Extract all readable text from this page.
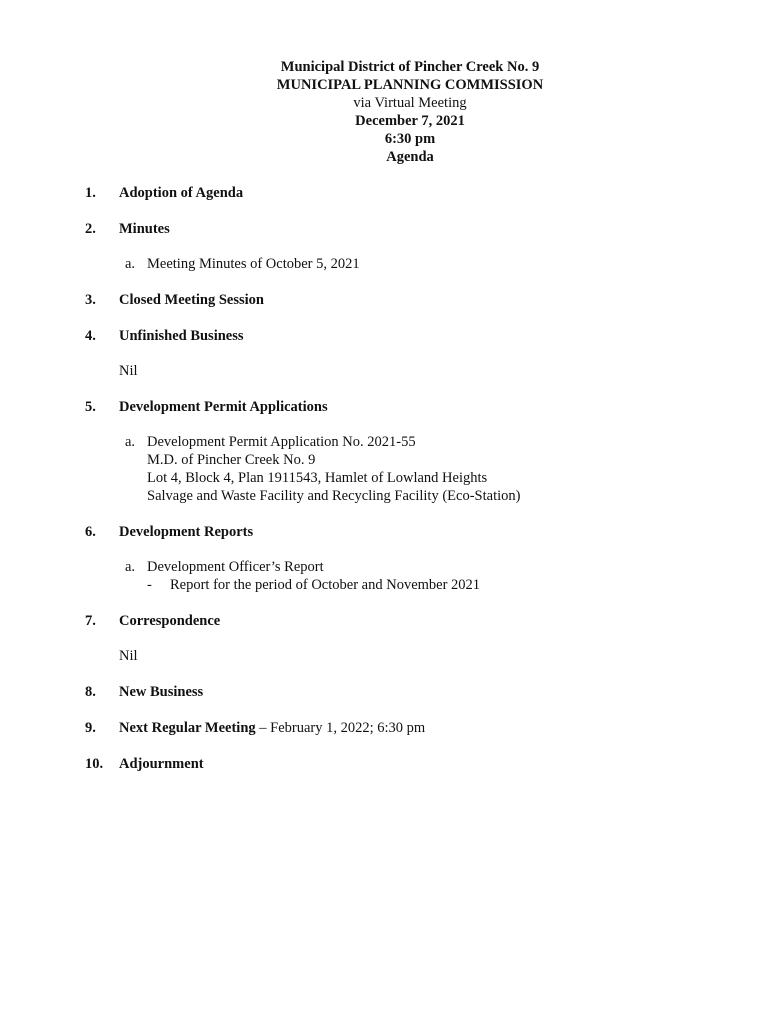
Municipal District of Pincher Creek No. 9
MUNICIPAL PLANNING COMMISSION
via Virtual Meeting
December 7, 2021
6:30 pm
Agenda
1. Adoption of Agenda
2. Minutes
a. Meeting Minutes of October 5, 2021
3. Closed Meeting Session
4. Unfinished Business
Nil
5. Development Permit Applications
a. Development Permit Application No. 2021-55
M.D. of Pincher Creek No. 9
Lot 4, Block 4, Plan 1911543, Hamlet of Lowland Heights
Salvage and Waste Facility and Recycling Facility (Eco-Station)
6. Development Reports
a. Development Officer’s Report
- Report for the period of October and November 2021
7. Correspondence
Nil
8. New Business
9. Next Regular Meeting – February 1, 2022; 6:30 pm
10. Adjournment
